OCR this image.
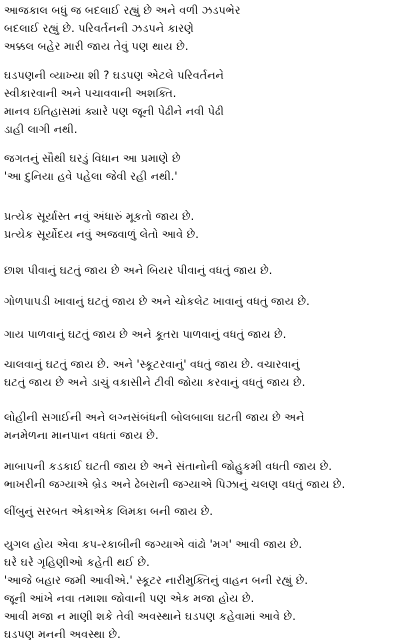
આજકાલ બધું જ બદલાઈ રહ્યું છે અને વળી ઝડપભેર
બદલાઈ રહ્યું છે. પરિવર્તનની ઝડપને કારણે
અક્કલ બહેર મારી જાય તેવું પણ થાય છે.
ઘડપણની વ્યાખ્યા શી ? ઘડપણ એટલે પરિવર્તનને
સ્વીકારવાની અને પચાવવાની અશક્તિ.
માનવ ઇતિહાસમાં ક્યારે પણ જૂની પેઢીને નવી પેઢી
ડાહી લાગી નથી.
જગતનું સૌથી ઘરડું વિધાન આ પ્રમાણે છે
'આ દુનિયા હવે પહેલા જેવી રહી નથી.'
પ્રત્યેક સૂર્યાસ્ત નવું અંધારું મૂકતો જાય છે.
પ્રત્યેક સૂર્યોદય નવું અજવાળું લેતો આવે છે.
છાશ પીવાનું ઘટતું જાય છે અને બિયર પીવાનું વધતું જાય છે.
ગોળપાપડી ખાવાનું ઘટતું જાય છે અને ચોકલેટ ખાવાનું વધતું જાય છે.
ગાય પાળવાનું ઘટતું જાય છે અને કૂતરા પાળવાનું વધતું જાય છે.
ચાલવાનું ઘટતું જાય છે. અને 'સ્કૂટરવાનું' વધતું જાય છે. વચારવાનું
ઘટતું જાય છે અને ડાચું વકાસીને ટીવી જોયા કરવાનું વધતું જાય છે.
લોહીની સગાઈની અને લગ્નસંબંધની બોલબાલા ઘટતી જાય છે અને
મનમેળના માનપાન વધતાં જાય છે.
માબાપની કડકાઈ ઘટતી જાય છે અને સંતાનોની જોહુકમી વધતી જાય છે.
ભાખરીની જગ્યાએ બ્રેડ અને ઢેબરાની જગ્યાએ પિઝાનું ચલણ વધતું જાય છે.
લીંબુનું સરબત એકાએક લિમકા બની જાય છે.
યુગલ હોય એવા કપ-રકાબીની જગ્યાએ વાંઢો 'મગ' આવી જાય છે.
ઘરે ઘરે ગૃહિણીઓ કહેતી થઈ છે.
'આજે બહાર જમી આવીએ.' સ્કૂટર નારીમુક્તિનું વાહન બની રહ્યું છે.
જૂની આંખે નવા તમાશા જોવાની પણ એક મજા હોય છે.
આવી મજા ન માણી શકે તેવી અવસ્થાને ઘડપણ કહેવામાં આવે છે.
ઘડપણ મનની અવસ્થા છે.
